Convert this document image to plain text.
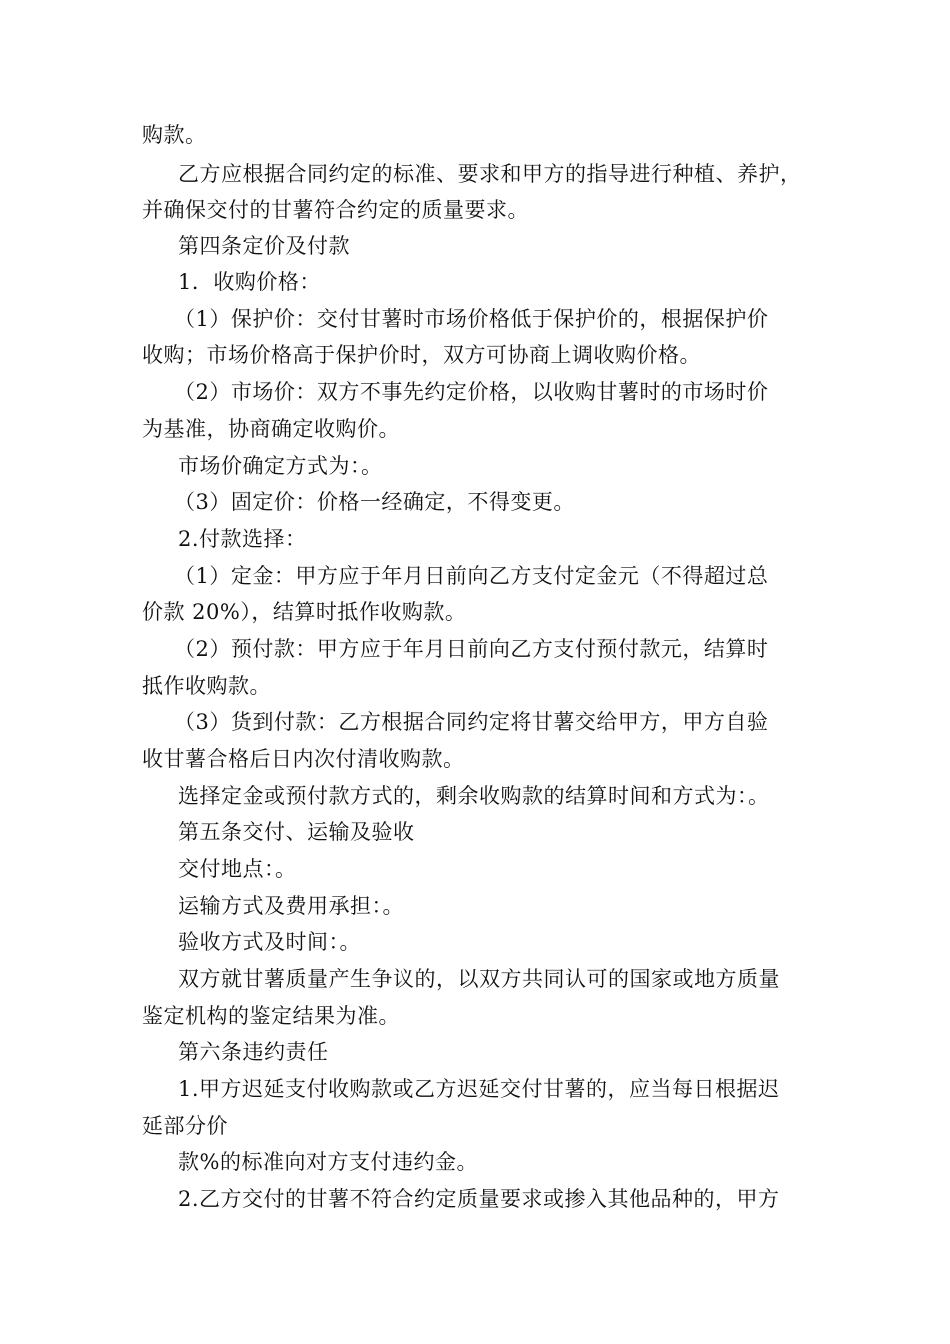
购款。
乙方应根据合同约定的标准、要求和甲方的指导进行种植、养护，
并确保交付的甘薯符合约定的质量要求。
第四条定价及付款
1．收购价格：
（1）保护价：交付甘薯时市场价格低于保护价的，根据保护价
收购；市场价格高于保护价时，双方可协商上调收购价格。
（2）市场价：双方不事先约定价格，以收购甘薯时的市场时价
为基准，协商确定收购价。
市场价确定方式为：。
（3）固定价：价格一经确定，不得变更。
2.付款选择：
（1）定金：甲方应于年月日前向乙方支付定金元（不得超过总
价款 20%），结算时抵作收购款。
（2）预付款：甲方应于年月日前向乙方支付预付款元，结算时
抵作收购款。
（3）货到付款：乙方根据合同约定将甘薯交给甲方，甲方自验
收甘薯合格后日内次付清收购款。
选择定金或预付款方式的，剩余收购款的结算时间和方式为：。
第五条交付、运输及验收
交付地点：。
运输方式及费用承担：。
验收方式及时间：。
双方就甘薯质量产生争议的，以双方共同认可的国家或地方质量
鉴定机构的鉴定结果为准。
第六条违约责任
1.甲方迟延支付收购款或乙方迟延交付甘薯的，应当每日根据迟
延部分价
款%的标准向对方支付违约金。
2.乙方交付的甘薯不符合约定质量要求或掺入其他品种的，甲方
